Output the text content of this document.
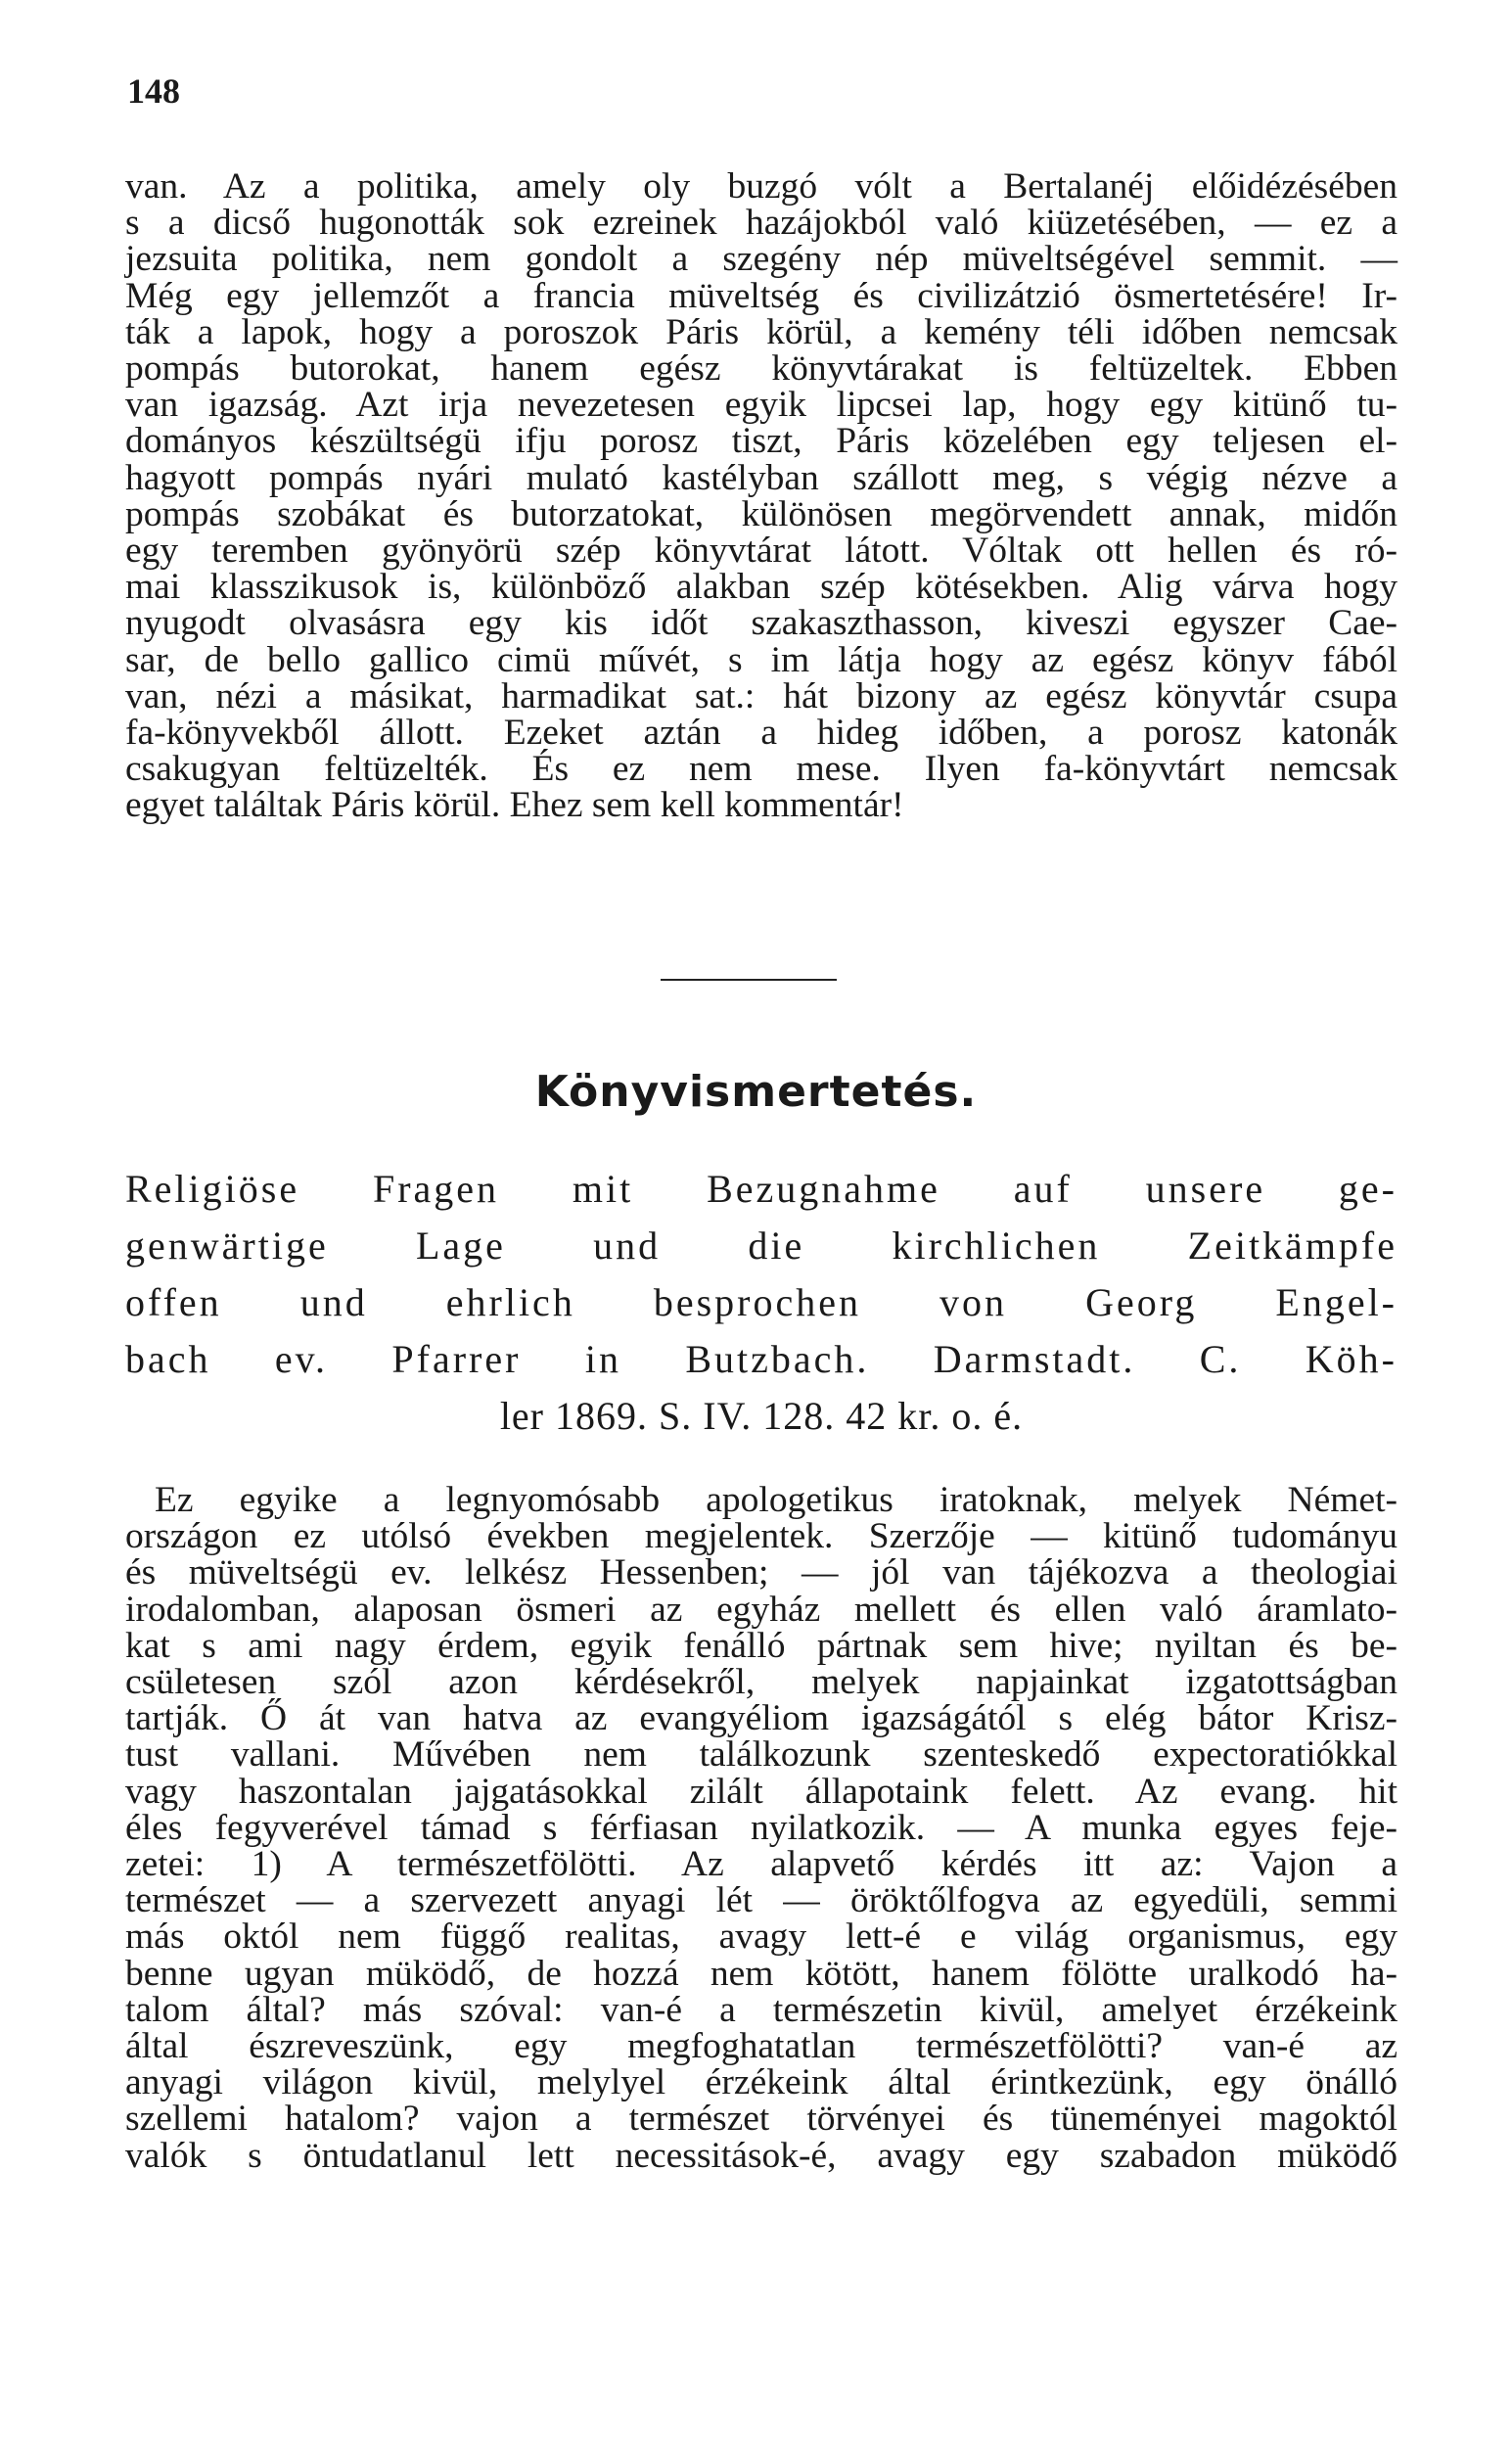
148
van. Az a politika, amely oly buzgó vólt a Bertalanéj előidézésében
s a dicső hugonották sok ezreinek hazájokból való kiüzetésében, — ez a
jezsuita politika, nem gondolt a szegény nép müveltségével semmit. —
Még egy jellemzőt a francia müveltség és civilizátzió ösmertetésére! Ir-
ták a lapok, hogy a poroszok Páris körül, a kemény téli időben nemcsak
pompás butorokat, hanem egész könyvtárakat is feltüzeltek. Ebben
van igazság. Azt irja nevezetesen egyik lipcsei lap, hogy egy kitünő tu-
dományos készültségü ifju porosz tiszt, Páris közelében egy teljesen el-
hagyott pompás nyári mulató kastélyban szállott meg, s végig nézve a
pompás szobákat és butorzatokat, különösen megörvendett annak, midőn
egy teremben gyönyörü szép könyvtárat látott. Vóltak ott hellen és ró-
mai klasszikusok is, különböző alakban szép kötésekben. Alig várva hogy
nyugodt olvasásra egy kis időt szakaszthasson, kiveszi egyszer Cae-
sar, de bello gallico cimü művét, s im látja hogy az egész könyv fából
van, nézi a másikat, harmadikat sat.: hát bizony az egész könyvtár csupa
fa-könyvekből állott. Ezeket aztán a hideg időben, a porosz katonák
csakugyan feltüzelték. És ez nem mese. Ilyen fa-könyvtárt nemcsak
egyet találtak Páris körül. Ehez sem kell kommentár!
Könyvismertetés.
Religiöse Fragen mit Bezugnahme auf unsere ge-
genwärtige Lage und die kirchlichen Zeitkämpfe
offen und ehrlich besprochen von Georg Engel-
bach ev. Pfarrer in Butzbach. Darmstadt. C. Köh-
ler 1869. S. IV. 128. 42 kr. o. é.
Ez egyike a legnyomósabb apologetikus iratoknak, melyek Német-
országon ez utólsó években megjelentek. Szerzője — kitünő tudományu
és müveltségü ev. lelkész Hessenben; — jól van tájékozva a theologiai
irodalomban, alaposan ösmeri az egyház mellett és ellen való áramlato-
kat s ami nagy érdem, egyik fenálló pártnak sem hive; nyiltan és be-
csületesen szól azon kérdésekről, melyek napjainkat izgatottságban
tartják. Ő át van hatva az evangyéliom igazságától s elég bátor Krisz-
tust vallani. Művében nem találkozunk szenteskedő expectoratiókkal
vagy haszontalan jajgatásokkal zilált állapotaink felett. Az evang. hit
éles fegyverével támad s férfiasan nyilatkozik. — A munka egyes feje-
zetei: 1) A természetfölötti. Az alapvető kérdés itt az: Vajon a
természet — a szervezett anyagi lét — öröktőlfogva az egyedüli, semmi
más októl nem függő realitas, avagy lett-é e világ organismus, egy
benne ugyan müködő, de hozzá nem kötött, hanem fölötte uralkodó ha-
talom által? más szóval: van-é a természetin kivül, amelyet érzékeink
által észreveszünk, egy megfoghatatlan természetfölötti? van-é az
anyagi világon kivül, melylyel érzékeink által érintkezünk, egy önálló
szellemi hatalom? vajon a természet törvényei és tüneményei magoktól
valók s öntudatlanul lett necessitások-é, avagy egy szabadon müködő
